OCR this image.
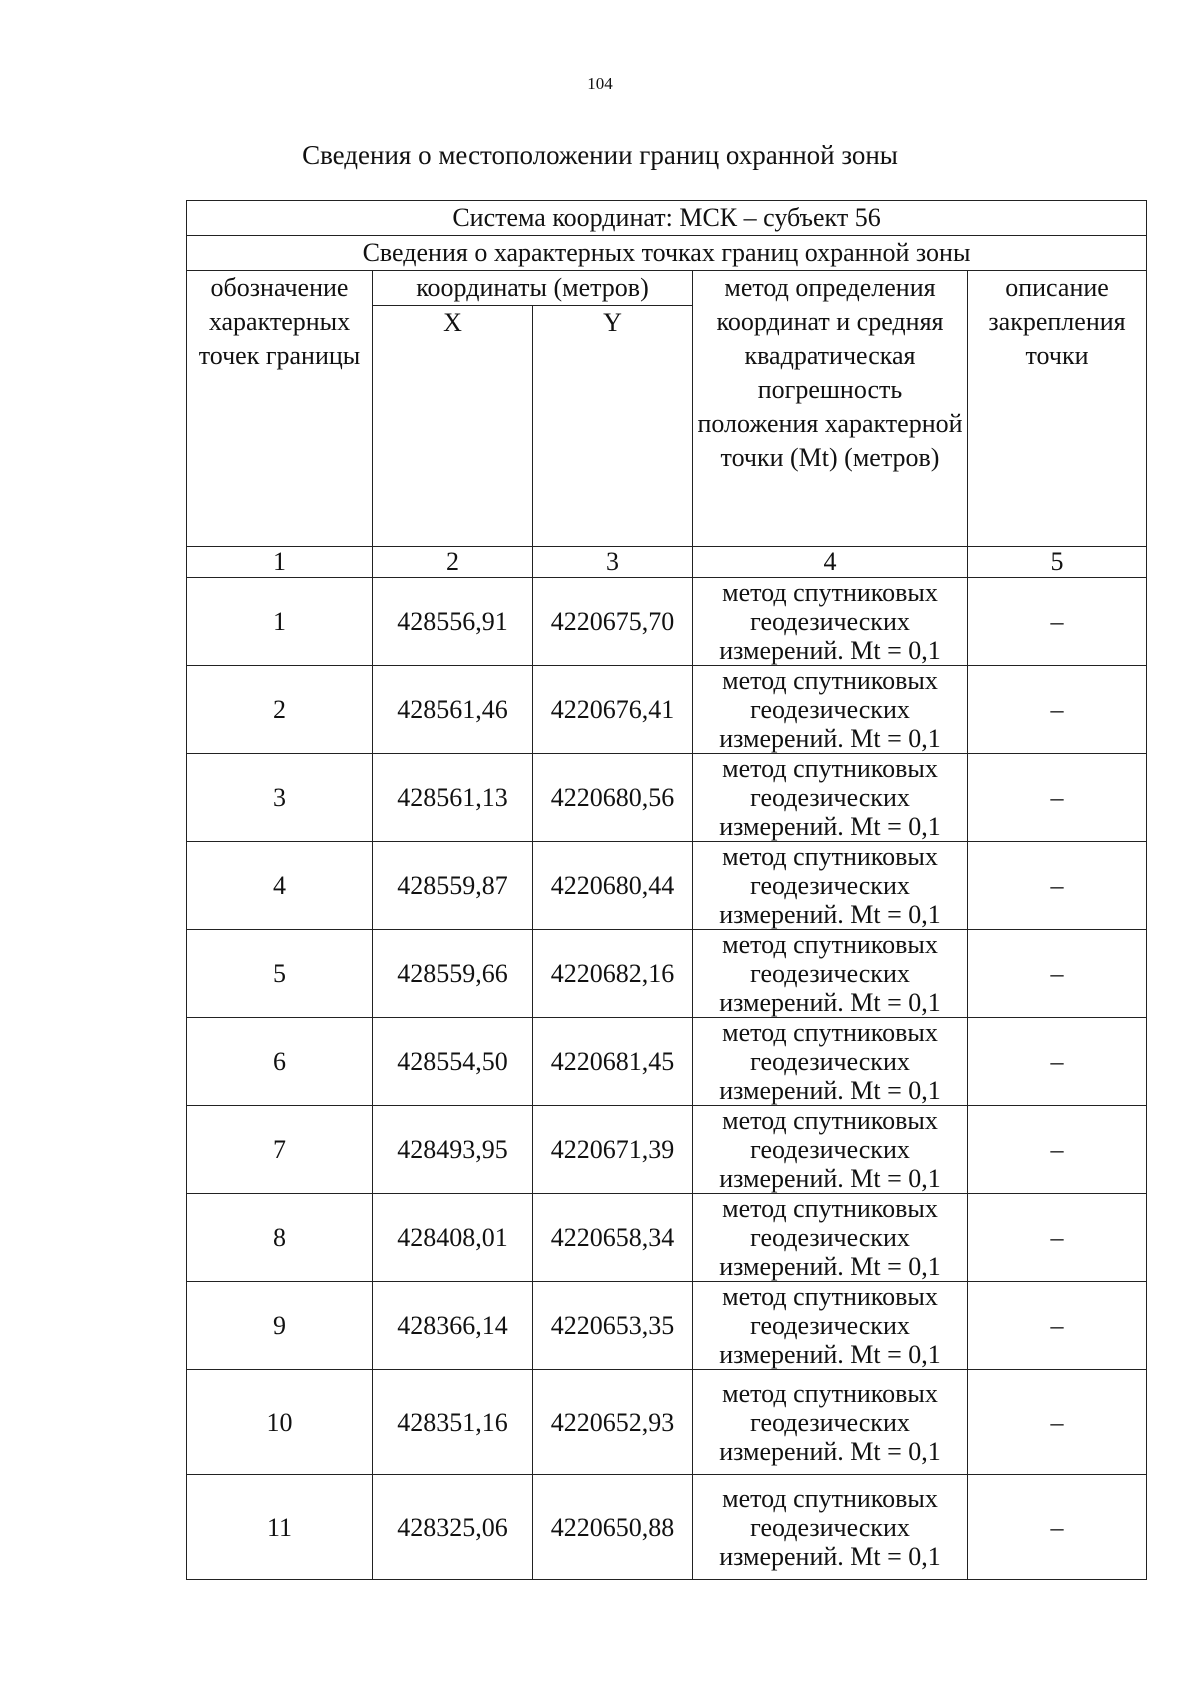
104
Сведения о местоположении границ охранной зоны
Система координат: МСК – субъект 56				
Сведения о характерных точках границ охранной зоны				
обозначение характерных точек границы	координаты (метров)		метод определения координат и средняя квадратическая погрешность положения характерной точки (Mt) (метров)	описание закрепления точки
	X	Y		
1	2	3	4	5
1	428556,91	4220675,70	метод спутниковых геодезических измерений. Mt = 0,1	–
2	428561,46	4220676,41	метод спутниковых геодезических измерений. Mt = 0,1	–
3	428561,13	4220680,56	метод спутниковых геодезических измерений. Mt = 0,1	–
4	428559,87	4220680,44	метод спутниковых геодезических измерений. Mt = 0,1	–
5	428559,66	4220682,16	метод спутниковых геодезических измерений. Mt = 0,1	–
6	428554,50	4220681,45	метод спутниковых геодезических измерений. Mt = 0,1	–
7	428493,95	4220671,39	метод спутниковых геодезических измерений. Mt = 0,1	–
8	428408,01	4220658,34	метод спутниковых геодезических измерений. Mt = 0,1	–
9	428366,14	4220653,35	метод спутниковых геодезических измерений. Mt = 0,1	–
10	428351,16	4220652,93	метод спутниковых геодезических измерений. Mt = 0,1	–
11	428325,06	4220650,88	метод спутниковых геодезических измерений. Mt = 0,1	–
